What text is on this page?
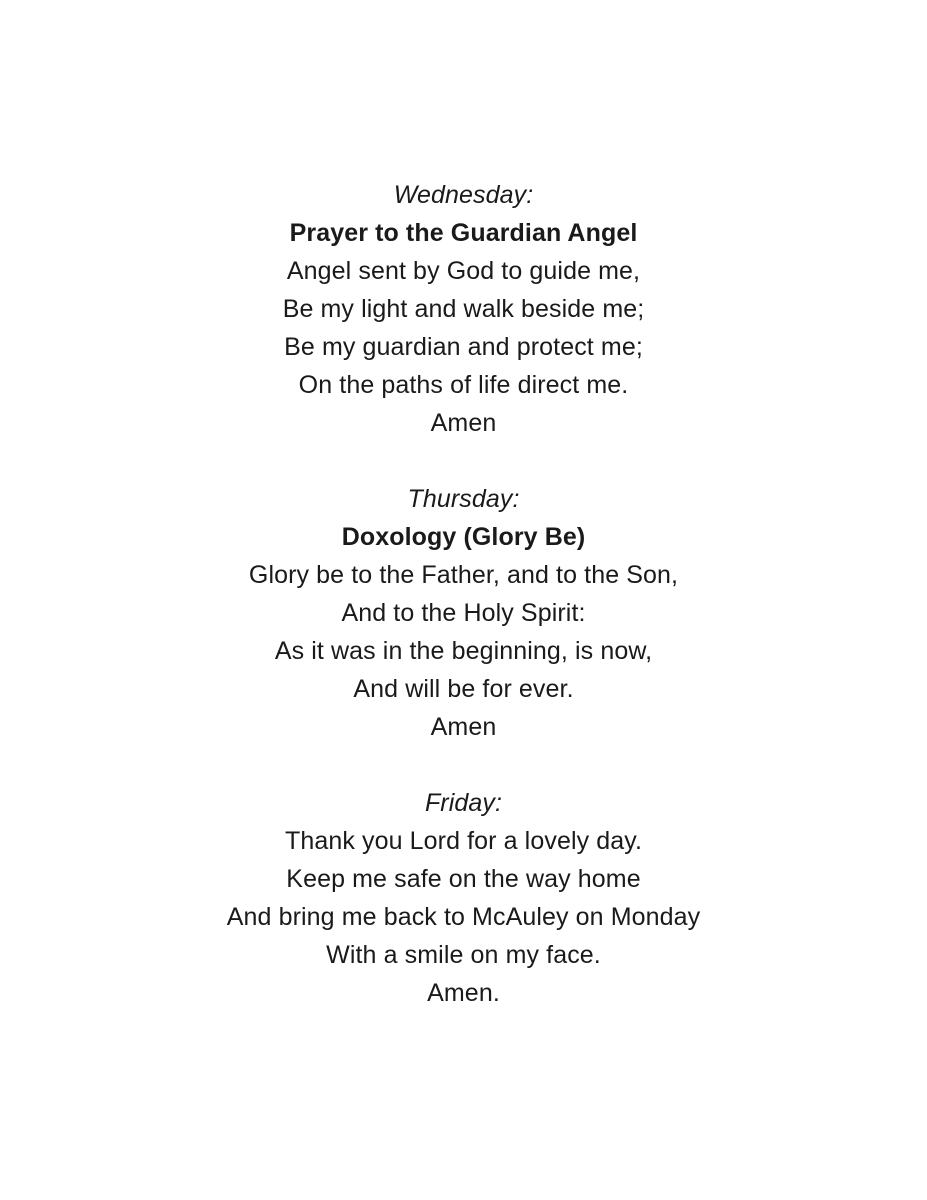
Wednesday:
Prayer to the Guardian Angel
Angel sent by God to guide me,
Be my light and walk beside me;
Be my guardian and protect me;
On the paths of life direct me.
Amen
Thursday:
Doxology (Glory Be)
Glory be to the Father, and to the Son,
And to the Holy Spirit:
As it was in the beginning, is now,
And will be for ever.
Amen
Friday:
Thank you Lord for a lovely day.
Keep me safe on the way home
And bring me back to McAuley on Monday
With a smile on my face.
Amen.
